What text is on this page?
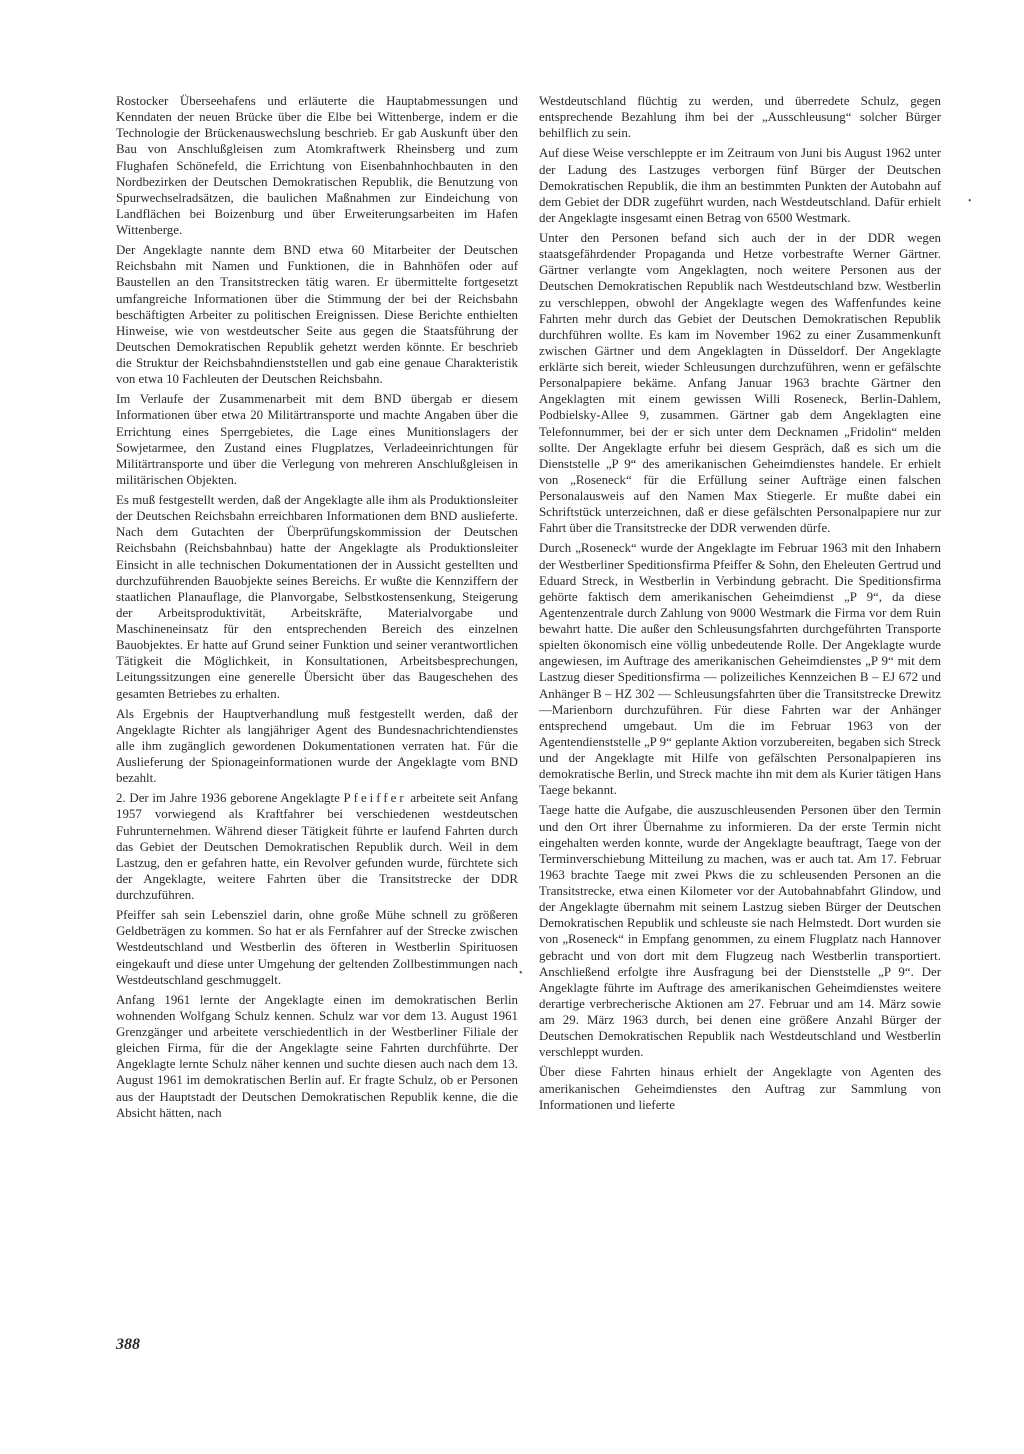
Rostocker Überseehafens und erläuterte die Hauptabmessungen und Kenndaten der neuen Brücke über die Elbe bei Wittenberge, indem er die Technologie der Brückenauswechslung beschrieb. Er gab Auskunft über den Bau von Anschlußgleisen zum Atomkraftwerk Rheinsberg und zum Flughafen Schönefeld, die Errichtung von Eisenbahnhochbauten in den Nordbezirken der Deutschen Demokratischen Republik, die Benutzung von Spurwechselradsätzen, die baulichen Maßnahmen zur Eindeichung von Landflächen bei Boizenburg und über Erweiterungsarbeiten im Hafen Wittenberge.

Der Angeklagte nannte dem BND etwa 60 Mitarbeiter der Deutschen Reichsbahn mit Namen und Funktionen, die in Bahnhöfen oder auf Baustellen an den Transitstrecken tätig waren. Er übermittelte fortgesetzt umfangreiche Informationen über die Stimmung der bei der Reichsbahn beschäftigten Arbeiter zu politischen Ereignissen. Diese Berichte enthielten Hinweise, wie von westdeutscher Seite aus gegen die Staatsführung der Deutschen Demokratischen Republik gehetzt werden könnte. Er beschrieb die Struktur der Reichsbahndienststellen und gab eine genaue Charakteristik von etwa 10 Fachleuten der Deutschen Reichsbahn.

Im Verlaufe der Zusammenarbeit mit dem BND übergab er diesem Informationen über etwa 20 Militärtransporte und machte Angaben über die Errichtung eines Sperrgebietes, die Lage eines Munitionslagers der Sowjetarmee, den Zustand eines Flugplatzes, Verladeeinrichtungen für Militärtransporte und über die Verlegung von mehreren Anschlußgleisen in militärischen Objekten.

Es muß festgestellt werden, daß der Angeklagte alle ihm als Produktionsleiter der Deutschen Reichsbahn erreichbaren Informationen dem BND auslieferte. Nach dem Gutachten der Überprüfungskommission der Deutschen Reichsbahn (Reichsbahnbau) hatte der Angeklagte als Produktionsleiter Einsicht in alle technischen Dokumentationen der in Aussicht gestellten und durchzuführenden Bauobjekte seines Bereichs. Er wußte die Kennziffern der staatlichen Planauflage, die Planvorgabe, Selbstkostensenkung, Steigerung der Arbeitsproduktivität, Arbeitskräfte, Materialvorgabe und Maschineneinsatz für den entsprechenden Bereich des einzelnen Bauobjektes. Er hatte auf Grund seiner Funktion und seiner verantwortlichen Tätigkeit die Möglichkeit, in Konsultationen, Arbeitsbesprechungen, Leitungssitzungen eine generelle Übersicht über das Baugeschehen des gesamten Betriebes zu erhalten.

Als Ergebnis der Hauptverhandlung muß festgestellt werden, daß der Angeklagte Richter als langjähriger Agent des Bundesnachrichtendienstes alle ihm zugänglich gewordenen Dokumentationen verraten hat. Für die Auslieferung der Spionageinformationen wurde der Angeklagte vom BND bezahlt.

2. Der im Jahre 1936 geborene Angeklagte Pfeiffer arbeitete seit Anfang 1957 vorwiegend als Kraftfahrer bei verschiedenen westdeutschen Fuhrunternehmen. Während dieser Tätigkeit führte er laufend Fahrten durch das Gebiet der Deutschen Demokratischen Republik durch. Weil in dem Lastzug, den er gefahren hatte, ein Revolver gefunden wurde, fürchtete sich der Angeklagte, weitere Fahrten über die Transitstrecke der DDR durchzuführen.

Pfeiffer sah sein Lebensziel darin, ohne große Mühe schnell zu größeren Geldbeträgen zu kommen. So hat er als Fernfahrer auf der Strecke zwischen Westdeutschland und Westberlin des öfteren in Westberlin Spirituosen eingekauft und diese unter Umgehung der geltenden Zollbestimmungen nach Westdeutschland geschmuggelt.

Anfang 1961 lernte der Angeklagte einen im demokratischen Berlin wohnenden Wolfgang Schulz kennen. Schulz war vor dem 13. August 1961 Grenzgänger und arbeitete verschiedentlich in der Westberliner Filiale der gleichen Firma, für die der Angeklagte seine Fahrten durchführte. Der Angeklagte lernte Schulz näher kennen und suchte diesen auch nach dem 13. August 1961 im demokratischen Berlin auf. Er fragte Schulz, ob er Personen aus der Hauptstadt der Deutschen Demokratischen Republik kenne, die die Absicht hätten, nach

Westdeutschland flüchtig zu werden, und überredete Schulz, gegen entsprechende Bezahlung ihm bei der „Ausschleusung“ solcher Bürger behilflich zu sein.

Auf diese Weise verschleppte er im Zeitraum von Juni bis August 1962 unter der Ladung des Lastzuges verborgen fünf Bürger der Deutschen Demokratischen Republik, die ihm an bestimmten Punkten der Autobahn auf dem Gebiet der DDR zugeführt wurden, nach Westdeutschland. Dafür erhielt der Angeklagte insgesamt einen Betrag von 6500 Westmark.

Unter den Personen befand sich auch der in der DDR wegen staatsgefährdender Propaganda und Hetze vorbestrafte Werner Gärtner. Gärtner verlangte vom Angeklagten, noch weitere Personen aus der Deutschen Demokratischen Republik nach Westdeutschland bzw. Westberlin zu verschleppen, obwohl der Angeklagte wegen des Waffenfundes keine Fahrten mehr durch das Gebiet der Deutschen Demokratischen Republik durchführen wollte. Es kam im November 1962 zu einer Zusammenkunft zwischen Gärtner und dem Angeklagten in Düsseldorf. Der Angeklagte erklärte sich bereit, wieder Schleusungen durchzuführen, wenn er gefälschte Personalpapiere bekäme. Anfang Januar 1963 brachte Gärtner den Angeklagten mit einem gewissen Willi Roseneck, Berlin-Dahlem, Podbielsky-Allee 9, zusammen. Gärtner gab dem Angeklagten eine Telefonnummer, bei der er sich unter dem Decknamen „Fridolin“ melden sollte. Der Angeklagte erfuhr bei diesem Gespräch, daß es sich um die Dienststelle „P 9“ des amerikanischen Geheimdienstes handele. Er erhielt von „Roseneck“ für die Erfüllung seiner Aufträge einen falschen Personalausweis auf den Namen Max Stiegerle. Er mußte dabei ein Schriftstück unterzeichnen, daß er diese gefälschten Personalpapiere nur zur Fahrt über die Transitstrecke der DDR verwenden dürfe.

Durch „Roseneck“ wurde der Angeklagte im Februar 1963 mit den Inhabern der Westberliner Speditionsfirma Pfeiffer & Sohn, den Eheleuten Gertrud und Eduard Streck, in Westberlin in Verbindung gebracht. Die Speditionsfirma gehörte faktisch dem amerikanischen Geheimdienst „P 9“, da diese Agentenzentrale durch Zahlung von 9000 Westmark die Firma vor dem Ruin bewahrt hatte. Die außer den Schleusungsfahrten durchgeführten Transporte spielten ökonomisch eine völlig unbedeutende Rolle. Der Angeklagte wurde angewiesen, im Auftrage des amerikanischen Geheimdienstes „P 9“ mit dem Lastzug dieser Speditionsfirma — polizeiliches Kennzeichen B – EJ 672 und Anhänger B – HZ 302 — Schleusungsfahrten über die Transitstrecke Drewitz—Marienborn durchzuführen. Für diese Fahrten war der Anhänger entsprechend umgebaut. Um die im Februar 1963 von der Agentendienststelle „P 9“ geplante Aktion vorzubereiten, begaben sich Streck und der Angeklagte mit Hilfe von gefälschten Personalpapieren ins demokratische Berlin, und Streck machte ihn mit dem als Kurier tätigen Hans Taege bekannt.

Taege hatte die Aufgabe, die auszuschleusenden Personen über den Termin und den Ort ihrer Übernahme zu informieren. Da der erste Termin nicht eingehalten werden konnte, wurde der Angeklagte beauftragt, Taege von der Terminverschiebung Mitteilung zu machen, was er auch tat. Am 17. Februar 1963 brachte Taege mit zwei Pkws die zu schleusenden Personen an die Transitstrecke, etwa einen Kilometer vor der Autobahnabfahrt Glindow, und der Angeklagte übernahm mit seinem Lastzug sieben Bürger der Deutschen Demokratischen Republik und schleuste sie nach Helmstedt. Dort wurden sie von „Roseneck“ in Empfang genommen, zu einem Flugplatz nach Hannover gebracht und von dort mit dem Flugzeug nach Westberlin transportiert. Anschließend erfolgte ihre Ausfragung bei der Dienststelle „P 9“. Der Angeklagte führte im Auftrage des amerikanischen Geheimdienstes weitere derartige verbrecherische Aktionen am 27. Februar und am 14. März sowie am 29. März 1963 durch, bei denen eine größere Anzahl Bürger der Deutschen Demokratischen Republik nach Westdeutschland und Westberlin verschleppt wurden.

Über diese Fahrten hinaus erhielt der Angeklagte von Agenten des amerikanischen Geheimdienstes den Auftrag zur Sammlung von Informationen und lieferte

388
•
•
